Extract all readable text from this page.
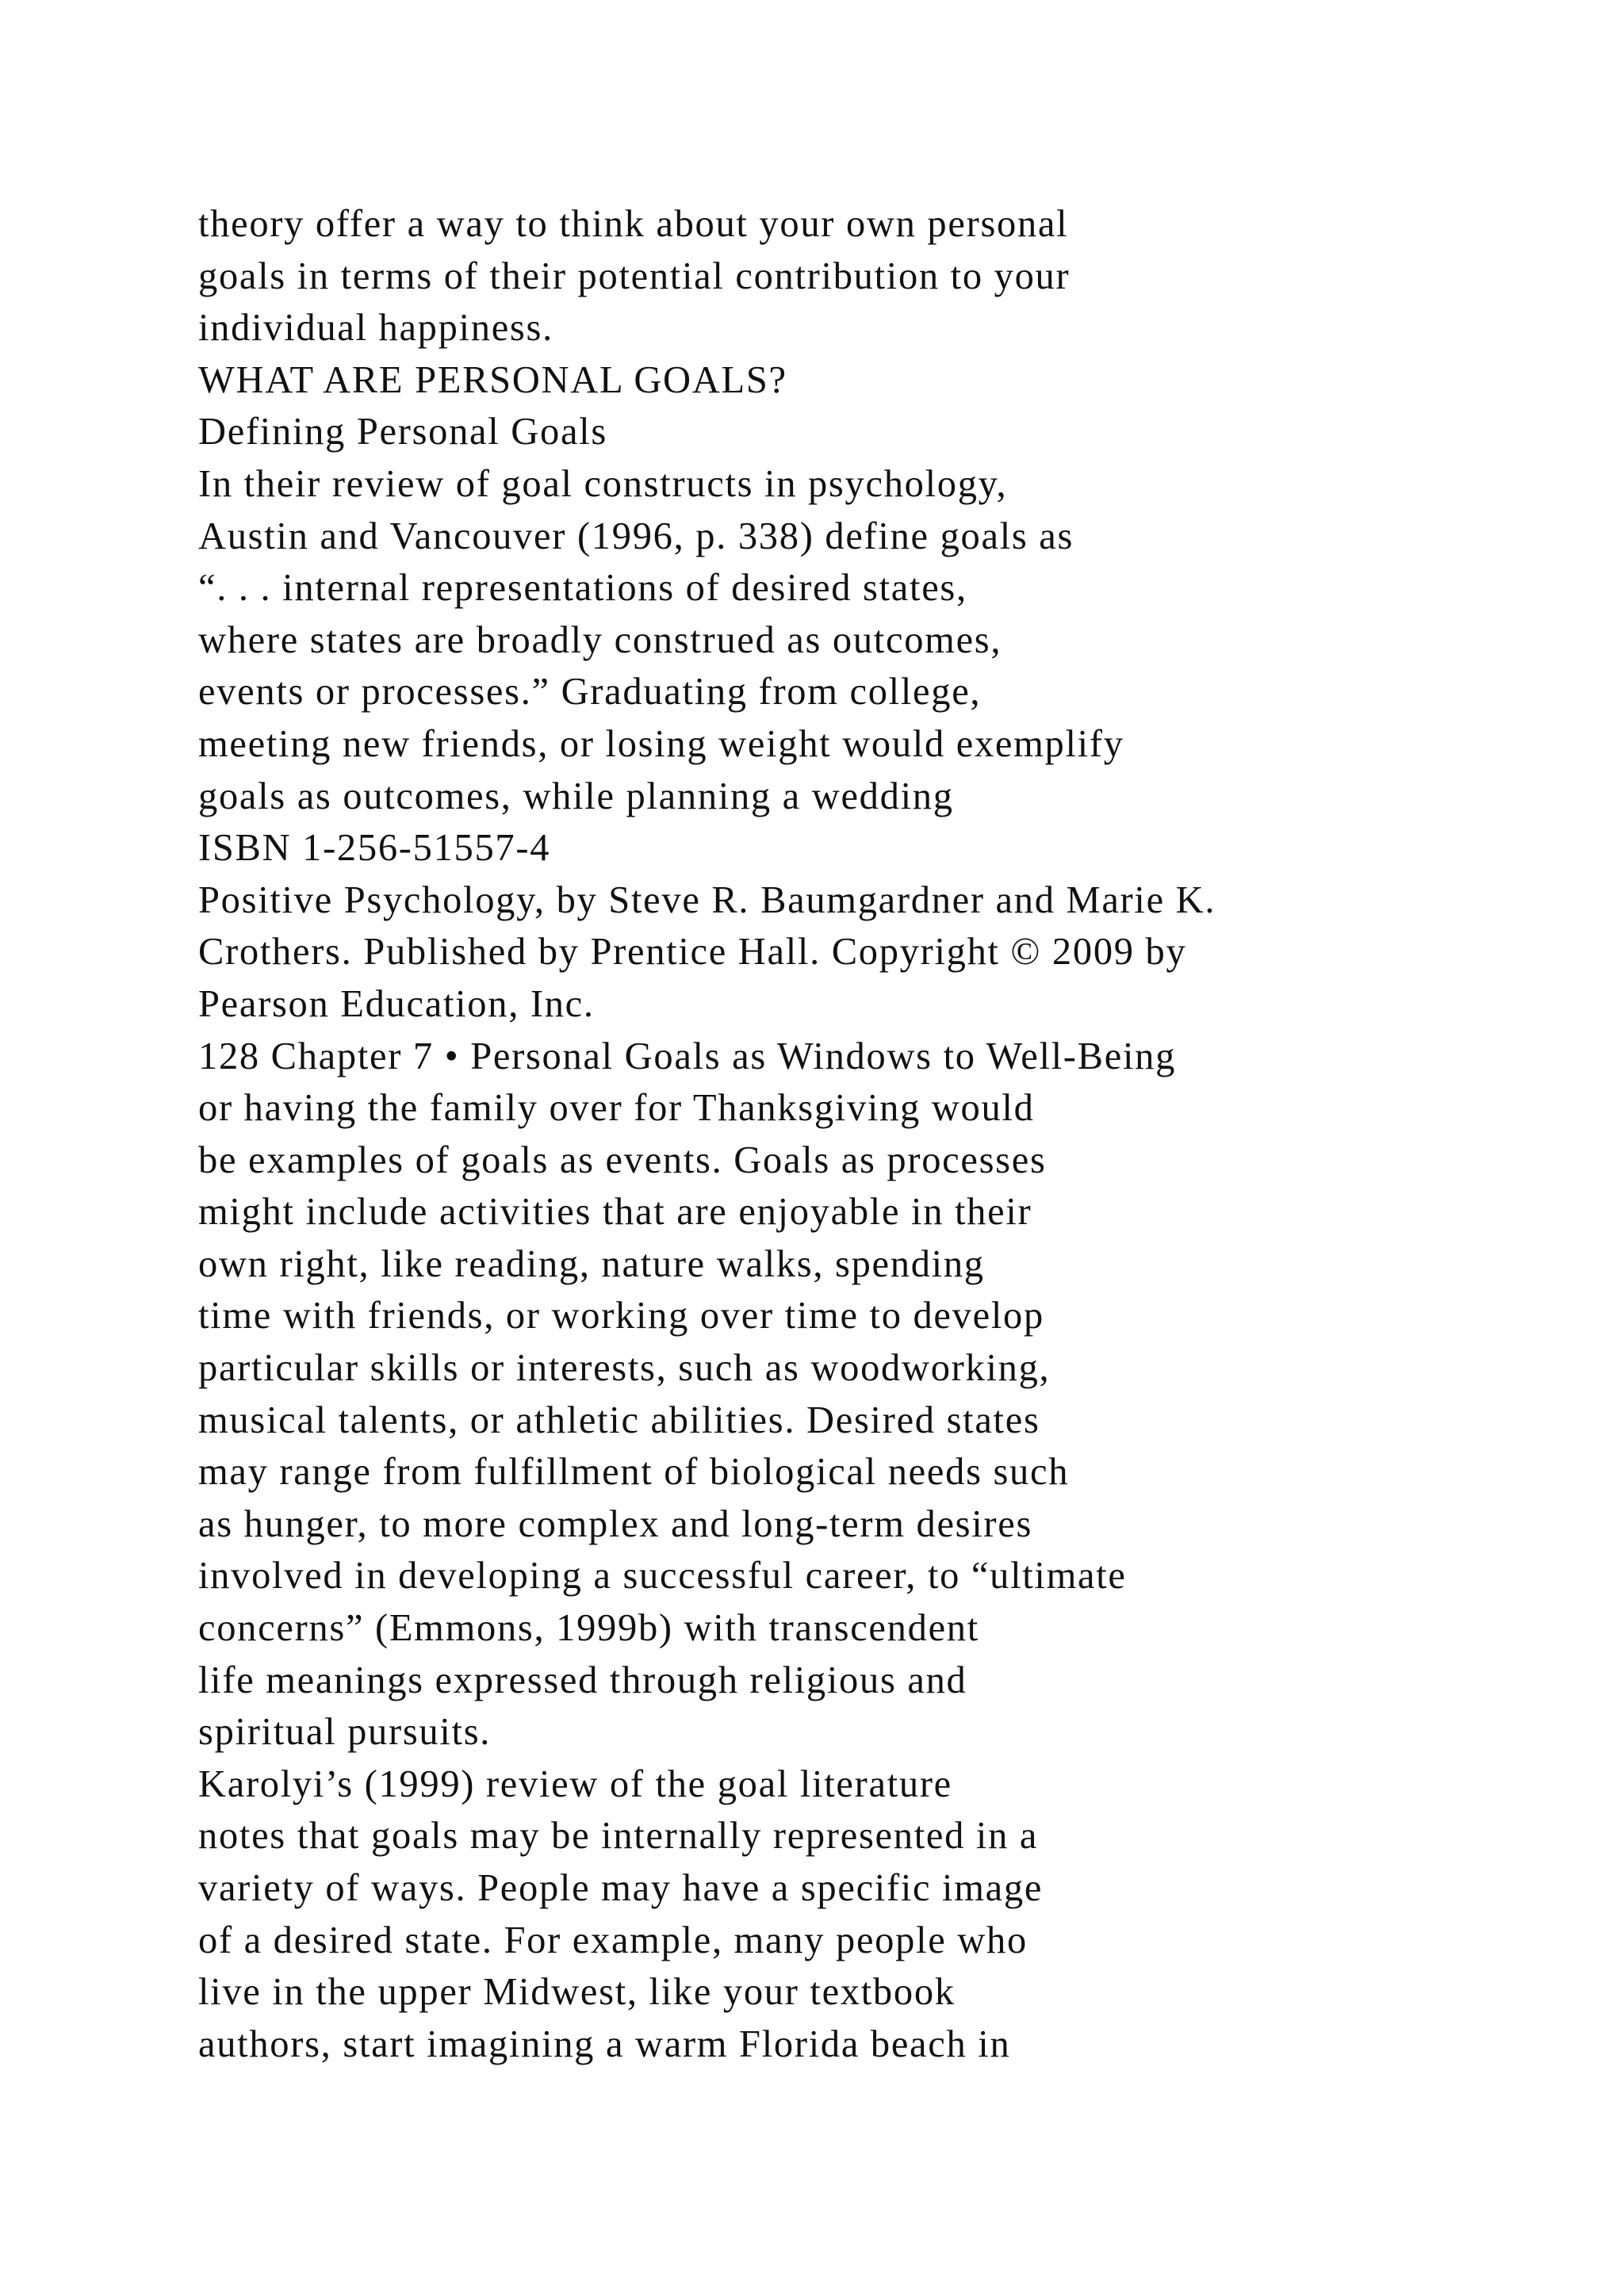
theory offer a way to think about your own personal
goals in terms of their potential contribution to your
individual happiness.
WHAT ARE PERSONAL GOALS?
Defining Personal Goals
In their review of goal constructs in psychology,
Austin and Vancouver (1996, p. 338) define goals as
“. . . internal representations of desired states,
where states are broadly construed as outcomes,
events or processes.” Graduating from college,
meeting new friends, or losing weight would exemplify
goals as outcomes, while planning a wedding
ISBN 1-256-51557-4
Positive Psychology, by Steve R. Baumgardner and Marie K.
Crothers. Published by Prentice Hall. Copyright © 2009 by
Pearson Education, Inc.
128 Chapter 7 • Personal Goals as Windows to Well-Being
or having the family over for Thanksgiving would
be examples of goals as events. Goals as processes
might include activities that are enjoyable in their
own right, like reading, nature walks, spending
time with friends, or working over time to develop
particular skills or interests, such as woodworking,
musical talents, or athletic abilities. Desired states
may range from fulfillment of biological needs such
as hunger, to more complex and long-term desires
involved in developing a successful career, to “ultimate
concerns” (Emmons, 1999b) with transcendent
life meanings expressed through religious and
spiritual pursuits.
Karolyi’s (1999) review of the goal literature
notes that goals may be internally represented in a
variety of ways. People may have a specific image
of a desired state. For example, many people who
live in the upper Midwest, like your textbook
authors, start imagining a warm Florida beach in
